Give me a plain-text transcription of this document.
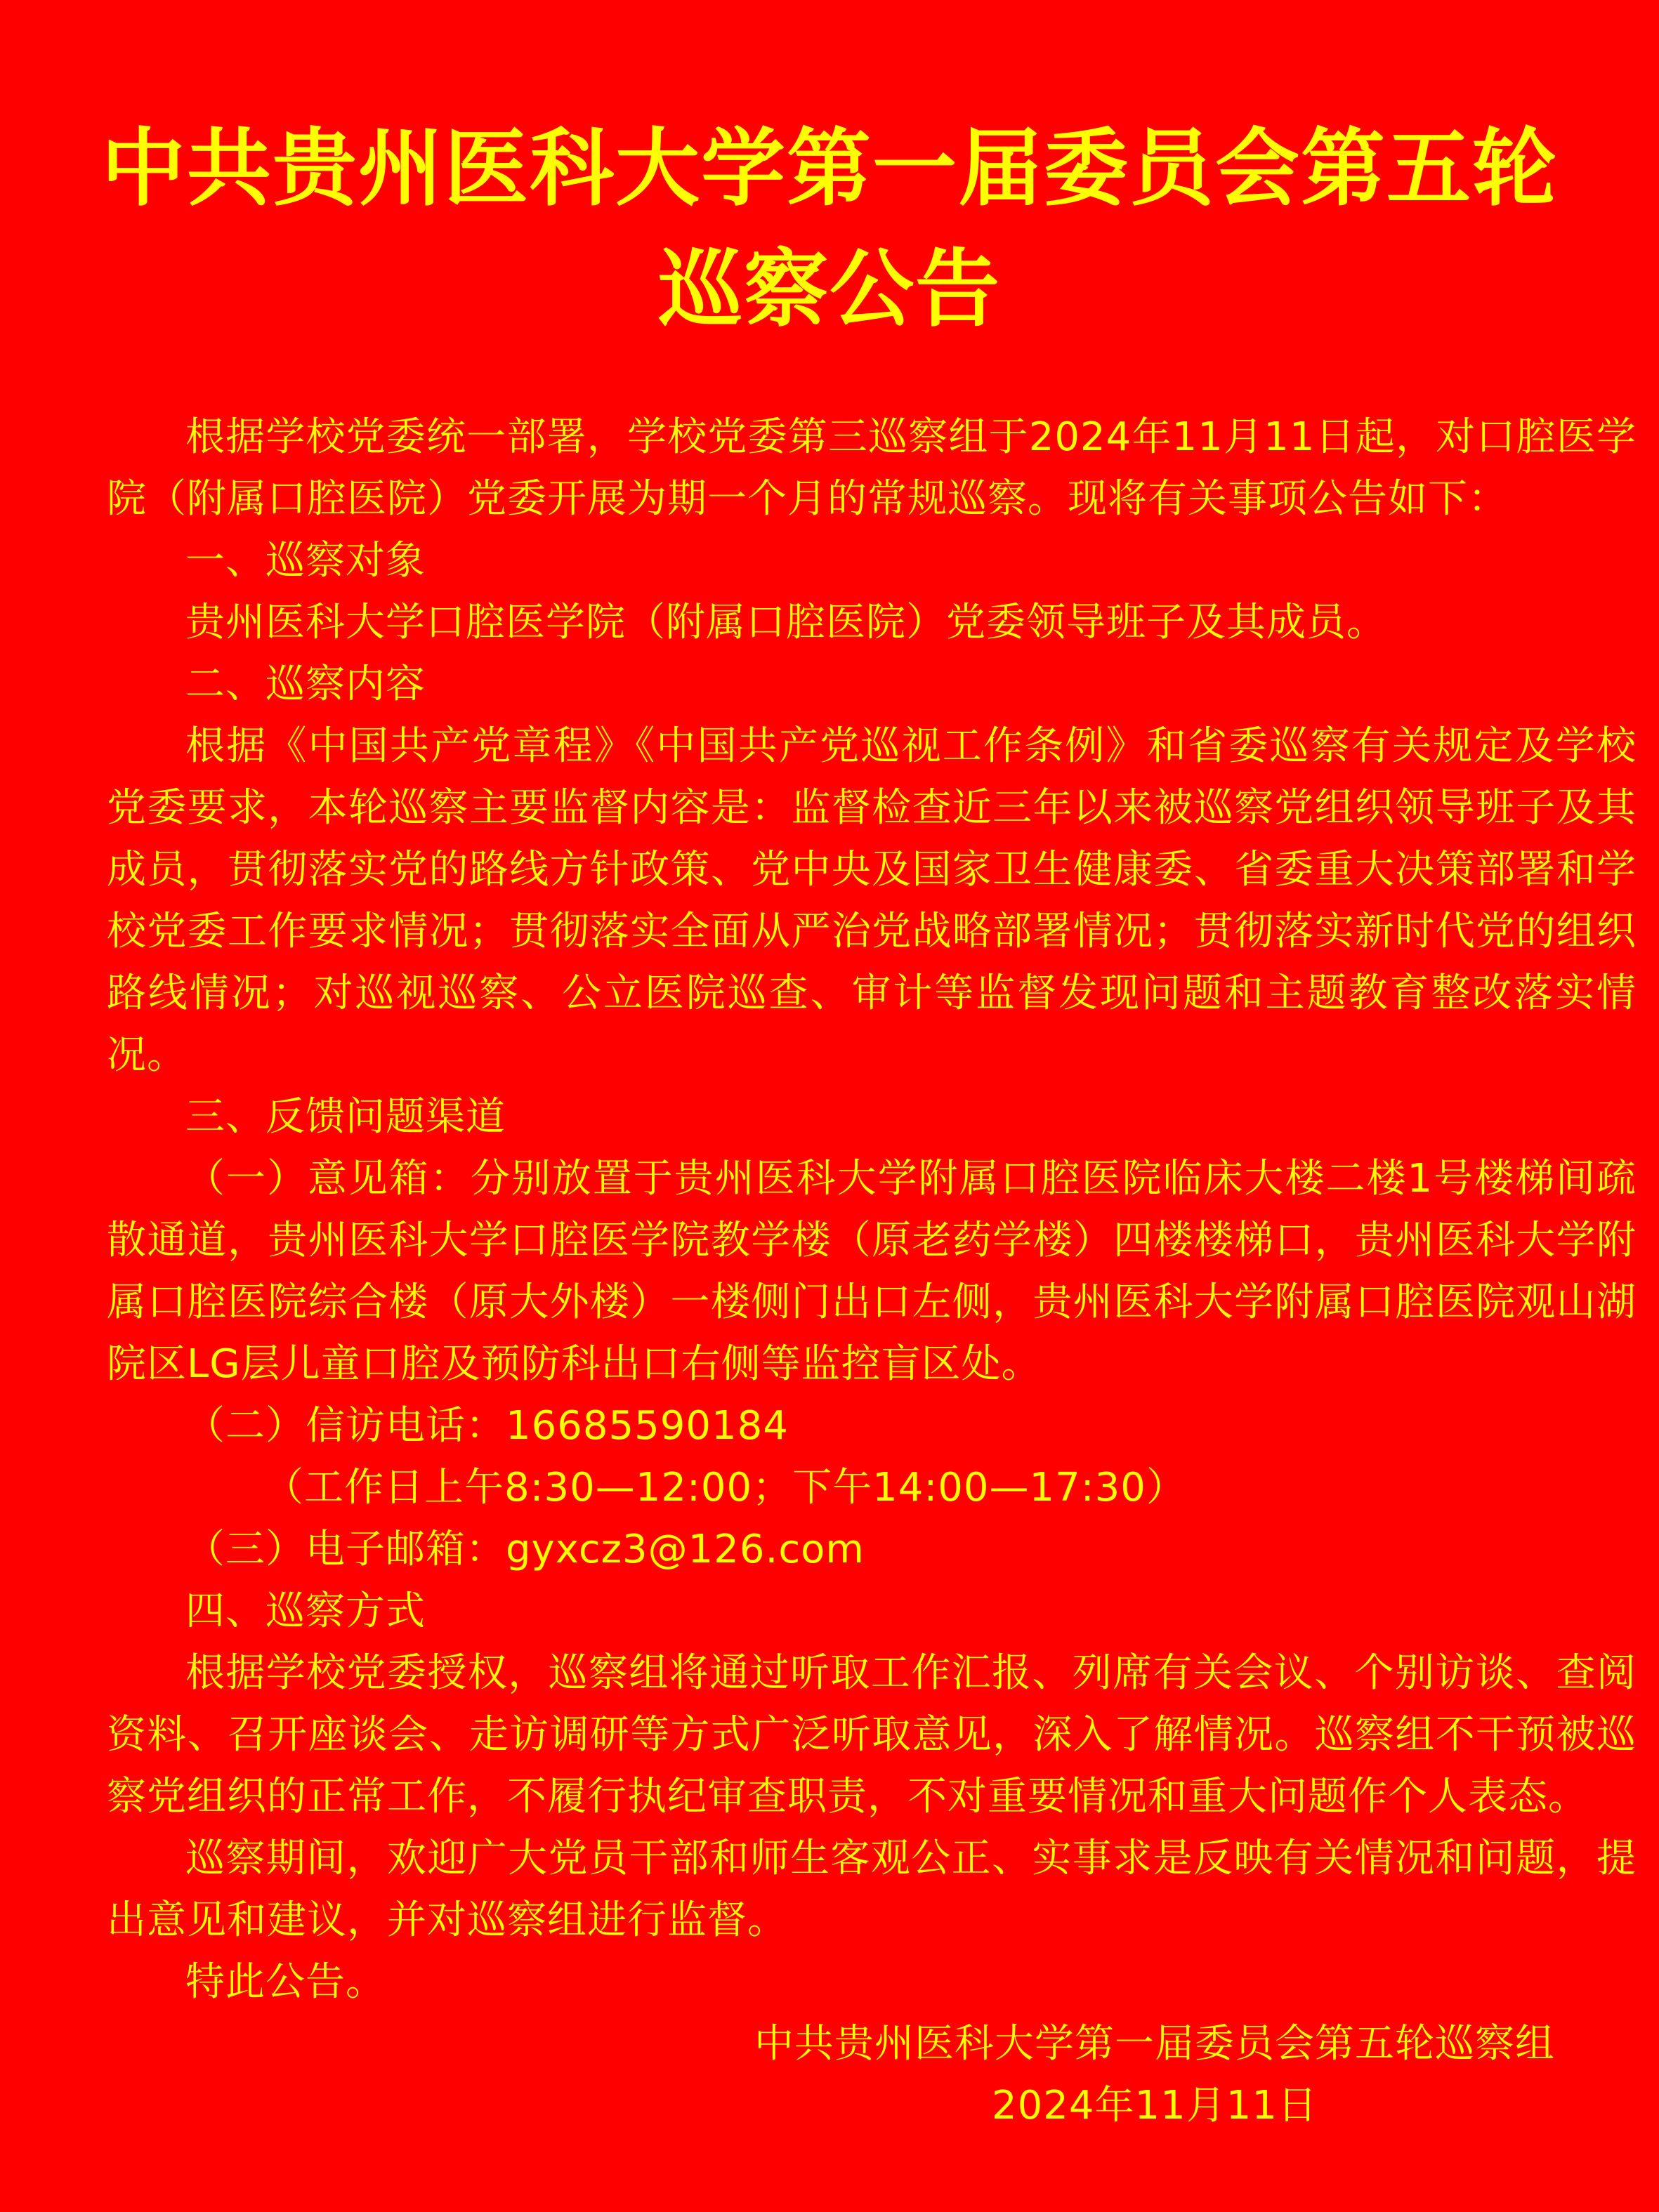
中共贵州医科大学第一届委员会第五轮
巡察公告

根据学校党委统一部署，学校党委第三巡察组于2024年11月11日起，对口腔医学院（附属口腔医院）党委开展为期一个月的常规巡察。现将有关事项公告如下：

一、巡察对象

贵州医科大学口腔医学院（附属口腔医院）党委领导班子及其成员。

二、巡察内容

根据《中国共产党章程》《中国共产党巡视工作条例》和省委巡察有关规定及学校党委要求，本轮巡察主要监督内容是：监督检查近三年以来被巡察党组织领导班子及其成员，贯彻落实党的路线方针政策、党中央及国家卫生健康委、省委重大决策部署和学校党委工作要求情况；贯彻落实全面从严治党战略部署情况；贯彻落实新时代党的组织路线情况；对巡视巡察、公立医院巡查、审计等监督发现问题和主题教育整改落实情况。

三、反馈问题渠道

（一）意见箱：分别放置于贵州医科大学附属口腔医院临床大楼二楼1号楼梯间疏散通道，贵州医科大学口腔医学院教学楼（原老药学楼）四楼楼梯口，贵州医科大学附属口腔医院综合楼（原大外楼）一楼侧门出口左侧，贵州医科大学附属口腔医院观山湖院区LG层儿童口腔及预防科出口右侧等监控盲区处。

（二）信访电话：16685590184

（工作日上午8:30—12:00；下午14:00—17:30）

（三）电子邮箱：gyxcz3@126.com

四、巡察方式

根据学校党委授权，巡察组将通过听取工作汇报、列席有关会议、个别访谈、查阅资料、召开座谈会、走访调研等方式广泛听取意见，深入了解情况。巡察组不干预被巡察党组织的正常工作，不履行执纪审查职责，不对重要情况和重大问题作个人表态。

巡察期间，欢迎广大党员干部和师生客观公正、实事求是反映有关情况和问题，提出意见和建议，并对巡察组进行监督。

特此公告。

中共贵州医科大学第一届委员会第五轮巡察组

2024年11月11日
